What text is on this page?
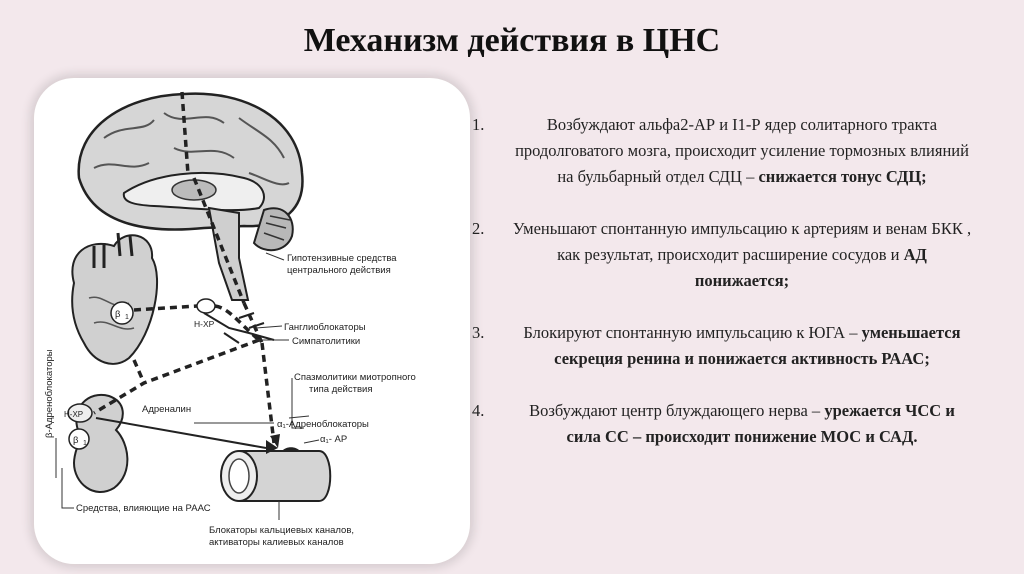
Механизм действия в ЦНС
β 1
β 1
Н-ХР
Н-ХР
Гипотензивные средства
центрального действия
Ганглиоблокаторы
Симпатолитики
Спазмолитики миотропного
типа действия
Адреналин
α₁-Адреноблокаторы
α₁- АР
Средства, влияющие на РААС
Блокаторы кальциевых каналов,
активаторы калиевых каналов
β-Адреноблокаторы
1.	Возбуждают альфа2-АР и I1-Р ядер солитарного тракта продолговатого мозга, происходит усиление тормозных влияний на бульбарный отдел СДЦ – снижается тонус СДЦ;
2.	Уменьшают спонтанную импульсацию к артериям и венам БКК , как результат, происходит расширение сосудов и АД понижается;
3.	Блокируют спонтанную импульсацию к ЮГА – уменьшается секреция ренина и понижается активность РААС;
4.	Возбуждают центр блуждающего нерва – урежается ЧСС и сила СС – происходит понижение МОС и САД.
